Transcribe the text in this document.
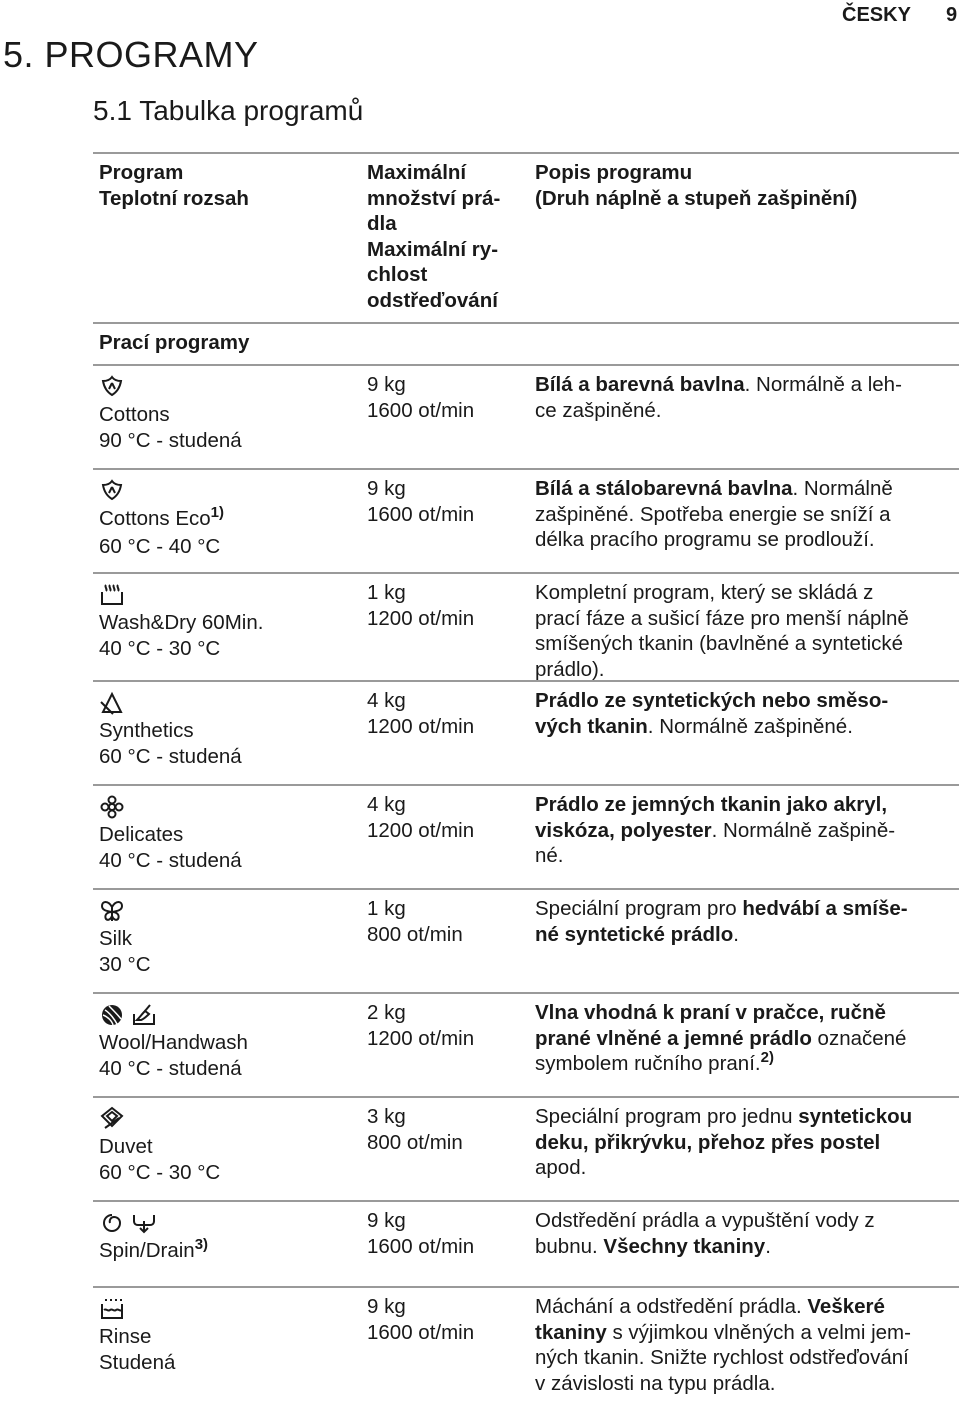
ČESKY 9
5. PROGRAMY
5.1 Tabulka programů
Program
Teplotní rozsah
Maximální
množství prá-
dla
Maximální ry-
chlost
odstřeďování
Popis programu
(Druh náplně a stupeň zašpinění)
Prací programy
Cottons
90 °C - studená
9 kg
1600 ot/min
Bílá a barevná bavlna. Normálně a leh-
ce zašpiněné.
Cottons Eco$^{1)}$
60 °C - 40 °C
9 kg
1600 ot/min
Bílá a stálobarevná bavlna. Normálně
zašpiněné. Spotřeba energie se sníží a
délka pracího programu se prodlouží.
Wash&Dry 60Min.
40 °C - 30 °C
1 kg
1200 ot/min
Kompletní program, který se skládá z
prací fáze a sušicí fáze pro menší náplně
smíšených tkanin (bavlněné a syntetické
prádlo).
Synthetics
60 °C - studená
4 kg
1200 ot/min
Prádlo ze syntetických nebo směso-
vých tkanin. Normálně zašpiněné.
Delicates
40 °C - studená
4 kg
1200 ot/min
Prádlo ze jemných tkanin jako akryl,
viskóza, polyester. Normálně zašpině-
né.
Silk
30 °C
1 kg
800 ot/min
Speciální program pro hedvábí a smíše-
né syntetické prádlo.
Wool/Handwash
40 °C - studená
2 kg
1200 ot/min
Vlna vhodná k praní v pračce, ručně
prané vlněné a jemné prádlo označené
symbolem ručního praní.$^{2)}$
Duvet
60 °C - 30 °C
3 kg
800 ot/min
Speciální program pro jednu syntetickou
deku, přikrývku, přehoz přes postel
apod.
Spin/Drain$^{3)}$
9 kg
1600 ot/min
Odstředění prádla a vypuštění vody z
bubnu. Všechny tkaniny.
Rinse
Studená
9 kg
1600 ot/min
Máchání a odstředění prádla. Veškeré
tkaniny s výjimkou vlněných a velmi jem-
ných tkanin. Snižte rychlost odstřeďování
v závislosti na typu prádla.
